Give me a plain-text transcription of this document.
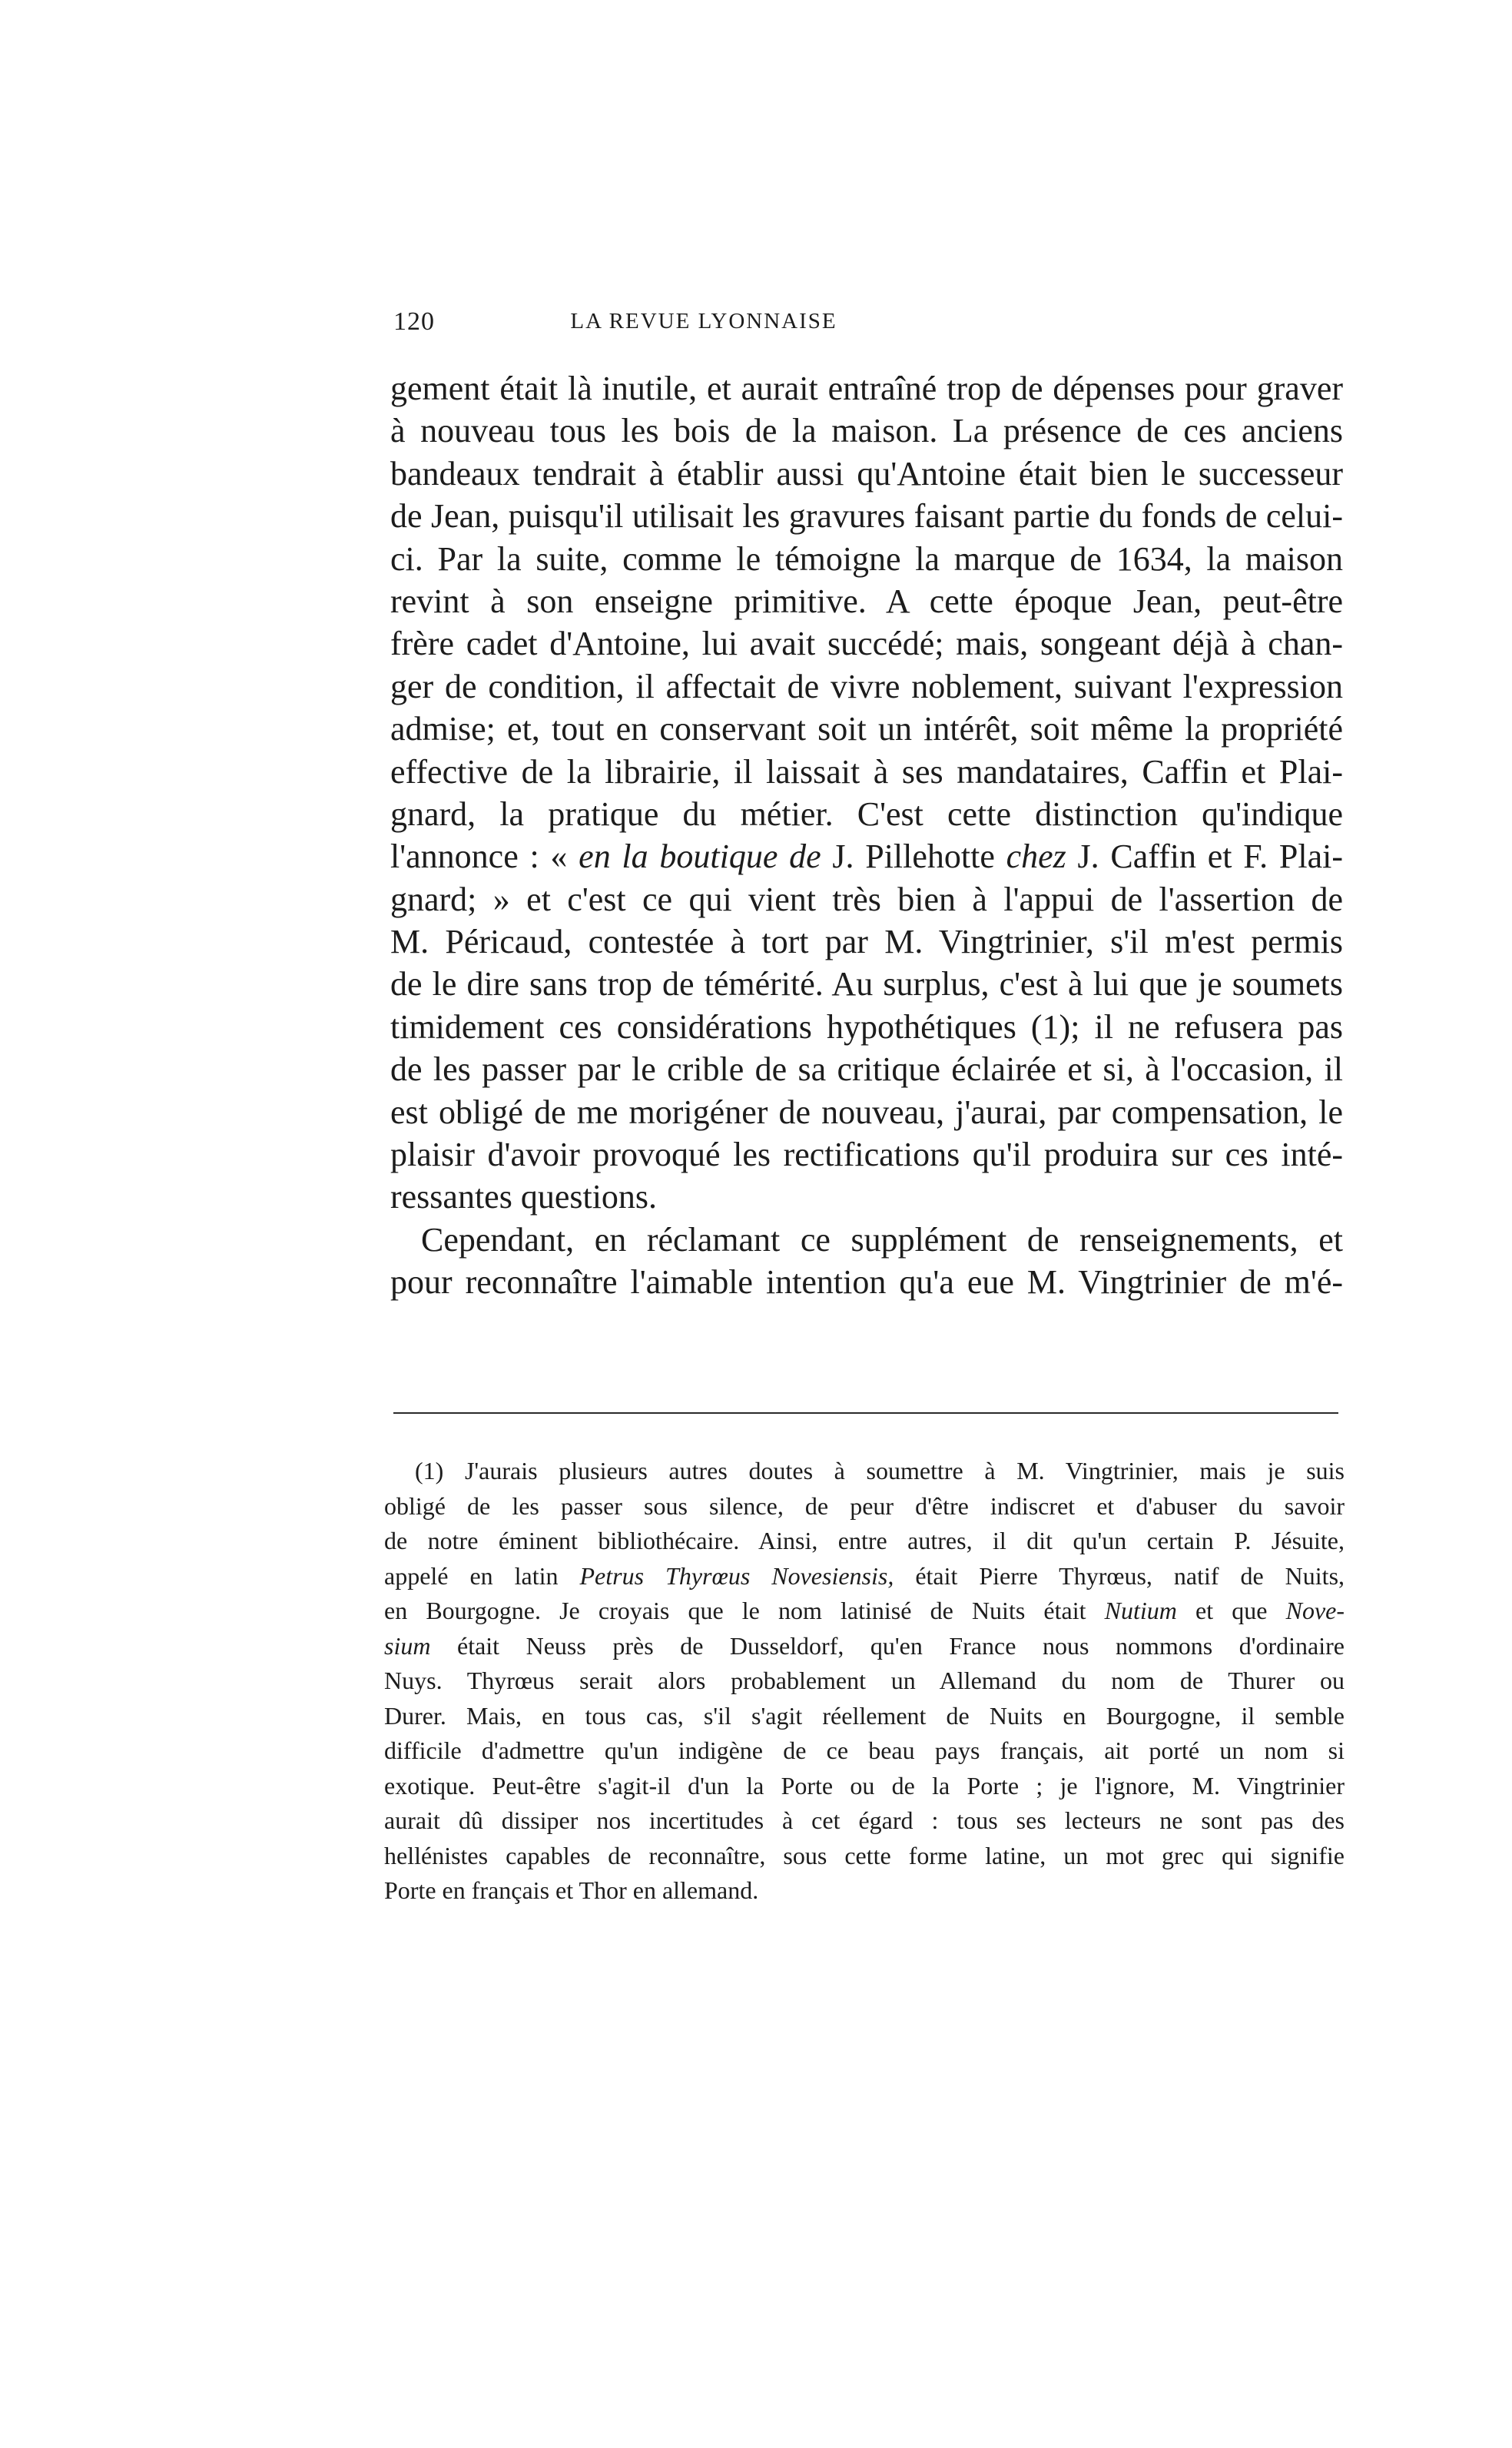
120	LA REVUE LYONNAISE
gement était là inutile, et aurait entraîné trop de dépenses pour graver
à nouveau tous les bois de la maison. La présence de ces anciens
bandeaux tendrait à établir aussi qu'Antoine était bien le successeur
de Jean, puisqu'il utilisait les gravures faisant partie du fonds de celui-
ci. Par la suite, comme le témoigne la marque de 1634, la maison
revint à son enseigne primitive. A cette époque Jean, peut-être
frère cadet d'Antoine, lui avait succédé; mais, songeant déjà à chan-
ger de condition, il affectait de vivre noblement, suivant l'expression
admise; et, tout en conservant soit un intérêt, soit même la propriété
effective de la librairie, il laissait à ses mandataires, Caffin et Plai-
gnard, la pratique du métier. C'est cette distinction qu'indique
l'annonce : « en la boutique de J. Pillehotte chez J. Caffin et F. Plai-
gnard; » et c'est ce qui vient très bien à l'appui de l'assertion de
M. Péricaud, contestée à tort par M. Vingtrinier, s'il m'est permis
de le dire sans trop de témérité. Au surplus, c'est à lui que je soumets
timidement ces considérations hypothétiques (1); il ne refusera pas
de les passer par le crible de sa critique éclairée et si, à l'occasion, il
est obligé de me morigéner de nouveau, j'aurai, par compensation, le
plaisir d'avoir provoqué les rectifications qu'il produira sur ces inté-
ressantes questions.
Cependant, en réclamant ce supplément de renseignements, et
pour reconnaître l'aimable intention qu'a eue M. Vingtrinier de m'é-
(1) J'aurais plusieurs autres doutes à soumettre à M. Vingtrinier, mais je suis
obligé de les passer sous silence, de peur d'être indiscret et d'abuser du savoir
de notre éminent bibliothécaire. Ainsi, entre autres, il dit qu'un certain P. Jésuite,
appelé en latin Petrus Thyrœus Novesiensis, était Pierre Thyrœus, natif de Nuits,
en Bourgogne. Je croyais que le nom latinisé de Nuits était Nutium et que Nove-
sium était Neuss près de Dusseldorf, qu'en France nous nommons d'ordinaire
Nuys. Thyrœus serait alors probablement un Allemand du nom de Thurer ou
Durer. Mais, en tous cas, s'il s'agit réellement de Nuits en Bourgogne, il semble
difficile d'admettre qu'un indigène de ce beau pays français, ait porté un nom si
exotique. Peut-être s'agit-il d'un la Porte ou de la Porte ; je l'ignore, M. Vingtrinier
aurait dû dissiper nos incertitudes à cet égard : tous ses lecteurs ne sont pas des
hellénistes capables de reconnaître, sous cette forme latine, un mot grec qui signifie
Porte en français et Thor en allemand.
